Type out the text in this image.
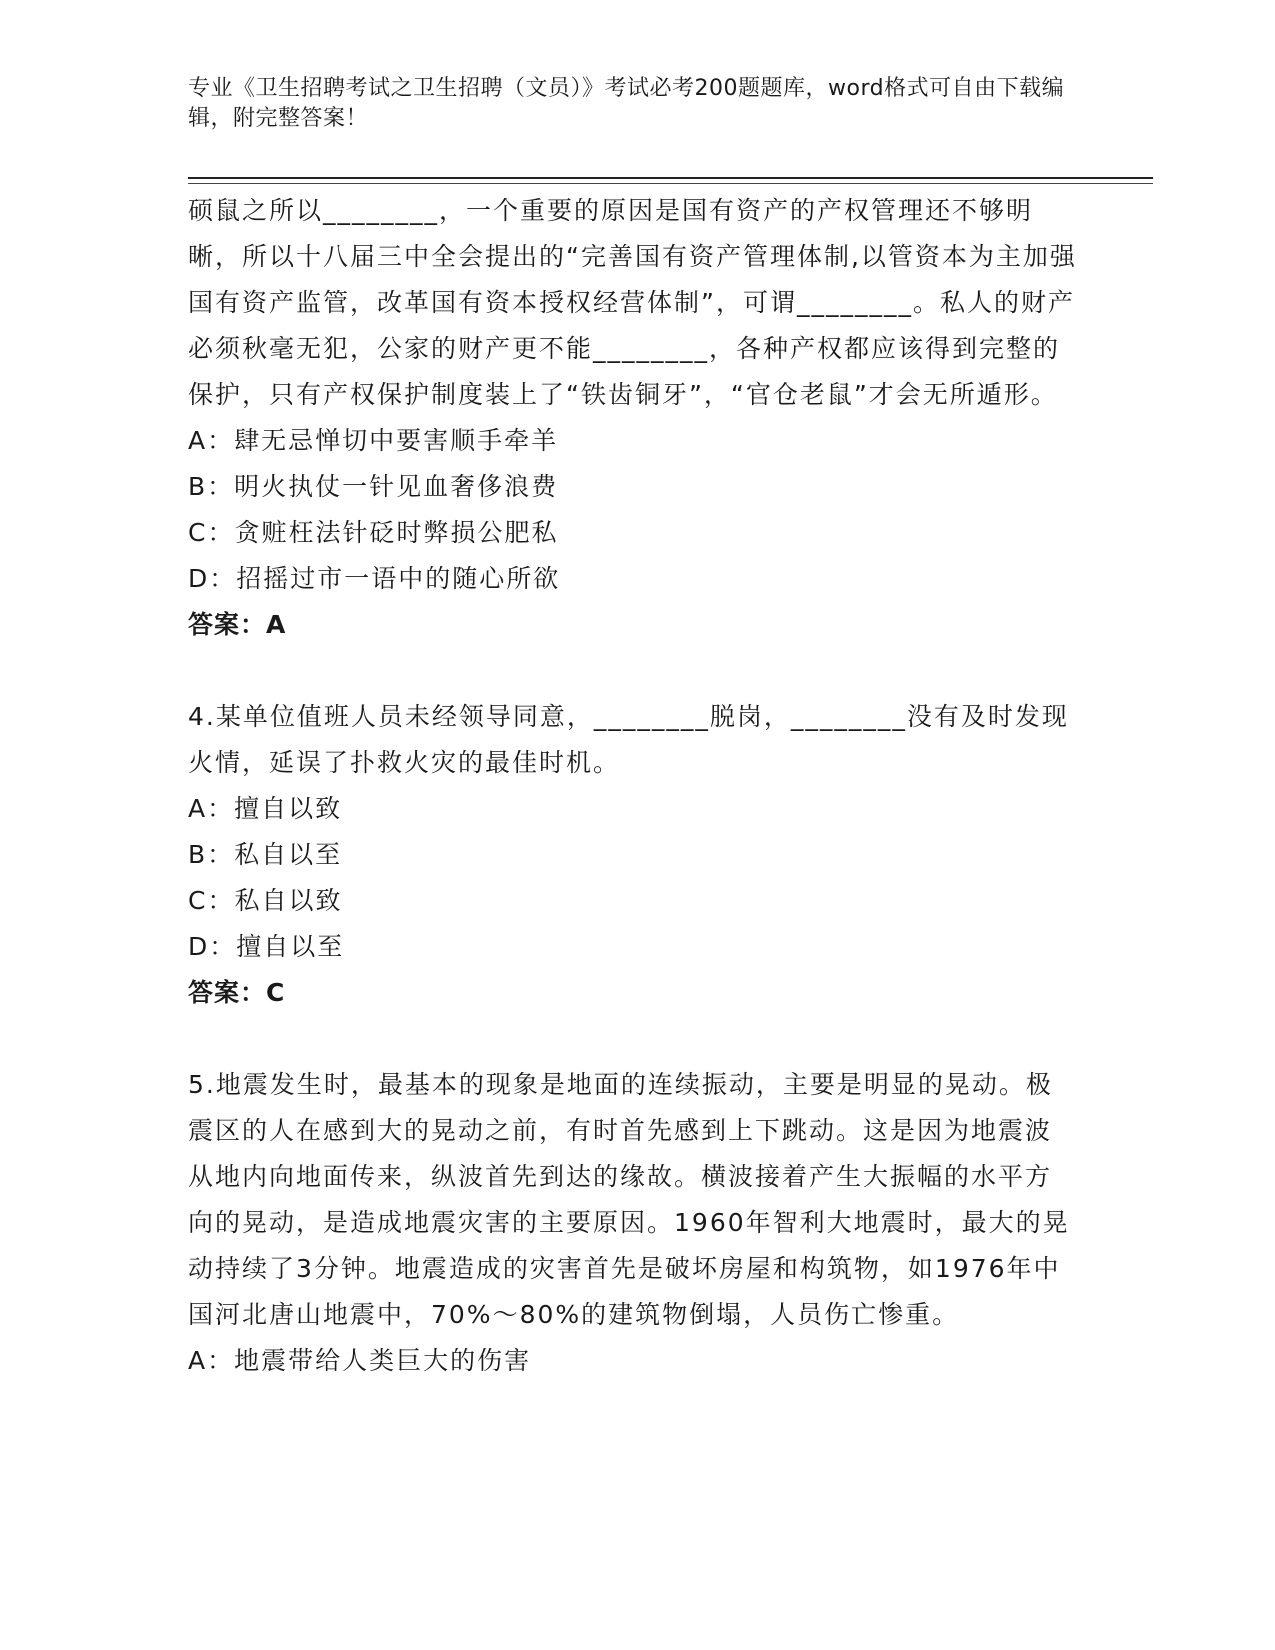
专业《卫生招聘考试之卫生招聘（文员）》考试必考200题题库，word格式可自由下载编辑，附完整答案！

硕鼠之所以________，一个重要的原因是国有资产的产权管理还不够明晰，所以十八届三中全会提出的“完善国有资产管理体制,以管资本为主加强国有资产监管，改革国有资本授权经营体制”，可谓________。私人的财产必须秋毫无犯，公家的财产更不能________，各种产权都应该得到完整的保护，只有产权保护制度装上了“铁齿铜牙”，“官仓老鼠”才会无所遁形。

A：肆无忌惮切中要害顺手牵羊

B：明火执仗一针见血奢侈浪费

C：贪赃枉法针砭时弊损公肥私

D：招摇过市一语中的随心所欲

答案：A

4.某单位值班人员未经领导同意，________脱岗，________没有及时发现火情，延误了扑救火灾的最佳时机。

A：擅自以致

B：私自以至

C：私自以致

D：擅自以至

答案：C

5.地震发生时，最基本的现象是地面的连续振动，主要是明显的晃动。极震区的人在感到大的晃动之前，有时首先感到上下跳动。这是因为地震波从地内向地面传来，纵波首先到达的缘故。横波接着产生大振幅的水平方向的晃动，是造成地震灾害的主要原因。1960年智利大地震时，最大的晃动持续了3分钟。地震造成的灾害首先是破坏房屋和构筑物，如1976年中国河北唐山地震中，70%～80%的建筑物倒塌，人员伤亡惨重。

A：地震带给人类巨大的伤害
